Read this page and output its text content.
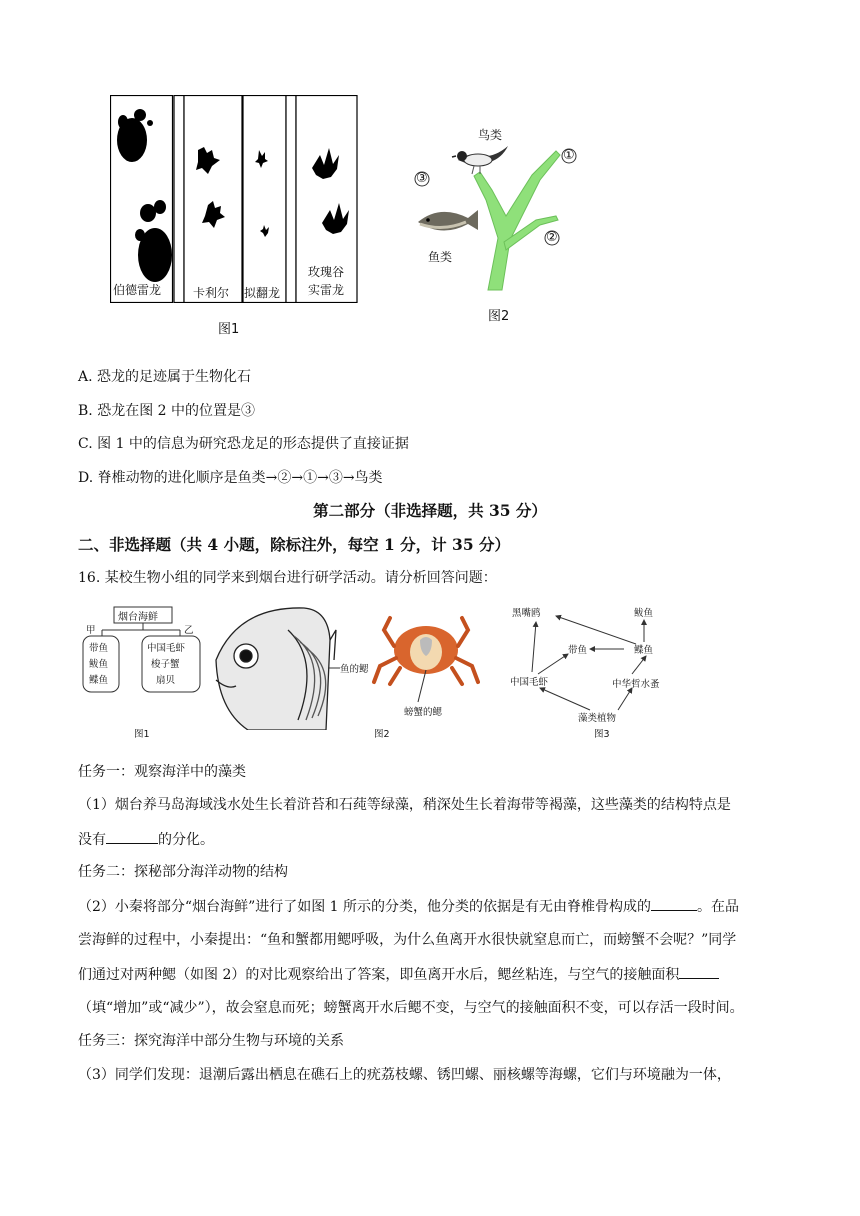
伯德雷龙	卡利尔 拟翻龙
玫瑰谷
实雷龙
图1
鸟类
鱼类
图2
A. 恐龙的足迹属于生物化石
B. 恐龙在图 2 中的位置是③
C. 图 1 中的信息为研究恐龙足的形态提供了直接证据
D. 脊椎动物的进化顺序是鱼类→②→①→③→鸟类
第二部分（非选择题，共 35 分）
二、非选择题（共 4 小题，除标注外，每空 1 分，计 35 分）
16. 某校生物小组的同学来到烟台进行研学活动。请分析回答问题：
烟台海鲜
甲	乙
带鱼
鲅鱼
鲽鱼
中国毛虾
梭子蟹
扇贝
图1
鱼的鳃
螃蟹的鳃
图2
黑嘴鸥	鲅鱼
带鱼	鲽鱼
中国毛虾	中华哲水蚤
藻类植物
图3
任务一：观察海洋中的藻类
（1）烟台养马岛海域浅水处生长着浒苔和石莼等绿藻，稍深处生长着海带等褐藻，这些藻类的结构特点是
没有	的分化。
任务二：探秘部分海洋动物的结构
（2）小秦将部分“烟台海鲜”进行了如图 1 所示的分类，他分类的依据是有无由脊椎骨构成的	。在品
尝海鲜的过程中，小秦提出：“鱼和蟹都用鳃呼吸，为什么鱼离开水很快就窒息而亡，而螃蟹不会呢？”同学
们通过对两种鳃（如图 2）的对比观察给出了答案，即鱼离开水后，鳃丝粘连，与空气的接触面积
（填“增加”或“减少”），故会窒息而死；螃蟹离开水后鳃不变，与空气的接触面积不变，可以存活一段时间。
任务三：探究海洋中部分生物与环境的关系
（3）同学们发现：退潮后露出栖息在礁石上的疣荔枝螺、锈凹螺、丽核螺等海螺，它们与环境融为一体，
①
②
③
